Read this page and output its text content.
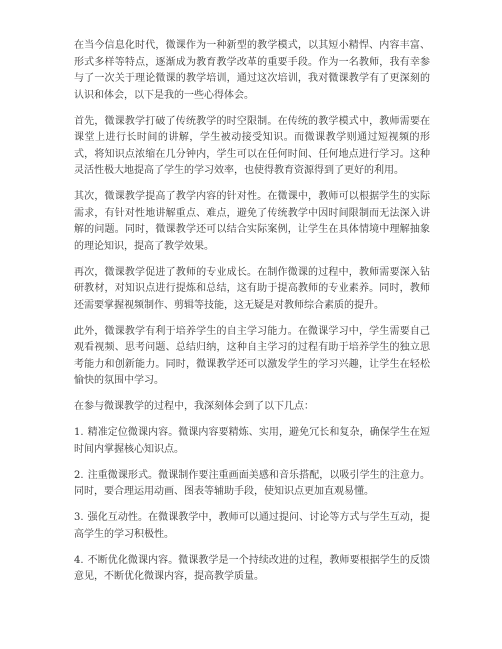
在当今信息化时代，微课作为一种新型的教学模式，以其短小精悍、内容丰富、形式多样等特点，逐渐成为教育教学改革的重要手段。作为一名教师，我有幸参与了一次关于理论微课的教学培训，通过这次培训，我对微课教学有了更深刻的认识和体会，以下是我的一些心得体会。

首先，微课教学打破了传统教学的时空限制。在传统的教学模式中，教师需要在课堂上进行长时间的讲解，学生被动接受知识。而微课教学则通过短视频的形式，将知识点浓缩在几分钟内，学生可以在任何时间、任何地点进行学习。这种灵活性极大地提高了学生的学习效率，也使得教育资源得到了更好的利用。

其次，微课教学提高了教学内容的针对性。在微课中，教师可以根据学生的实际需求，有针对性地讲解重点、难点，避免了传统教学中因时间限制而无法深入讲解的问题。同时，微课教学还可以结合实际案例，让学生在具体情境中理解抽象的理论知识，提高了教学效果。

再次，微课教学促进了教师的专业成长。在制作微课的过程中，教师需要深入钻研教材，对知识点进行提炼和总结，这有助于提高教师的专业素养。同时，教师还需要掌握视频制作、剪辑等技能，这无疑是对教师综合素质的提升。

此外，微课教学有利于培养学生的自主学习能力。在微课学习中，学生需要自己观看视频、思考问题、总结归纳，这种自主学习的过程有助于培养学生的独立思考能力和创新能力。同时，微课教学还可以激发学生的学习兴趣，让学生在轻松愉快的氛围中学习。

在参与微课教学的过程中，我深刻体会到了以下几点：

1. 精准定位微课内容。微课内容要精炼、实用，避免冗长和复杂，确保学生在短时间内掌握核心知识点。

2. 注重微课形式。微课制作要注重画面美感和音乐搭配，以吸引学生的注意力。同时，要合理运用动画、图表等辅助手段，使知识点更加直观易懂。

3. 强化互动性。在微课教学中，教师可以通过提问、讨论等方式与学生互动，提高学生的学习积极性。

4. 不断优化微课内容。微课教学是一个持续改进的过程，教师要根据学生的反馈意见，不断优化微课内容，提高教学质量。
